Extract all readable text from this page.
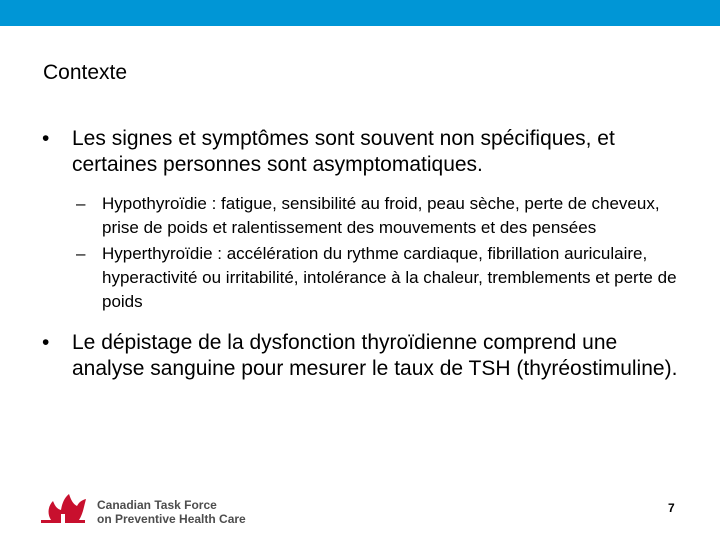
Contexte

• Les signes et symptômes sont souvent non spécifiques, et certaines personnes sont asymptomatiques.

– Hypothyroïdie : fatigue, sensibilité au froid, peau sèche, perte de cheveux, prise de poids et ralentissement des mouvements et des pensées

– Hyperthyroïdie : accélération du rythme cardiaque, fibrillation auriculaire, hyperactivité ou irritabilité, intolérance à la chaleur, tremblements et perte de poids

• Le dépistage de la dysfonction thyroïdienne comprend une analyse sanguine pour mesurer le taux de TSH (thyréostimuline).

Canadian Task Force
on Preventive Health Care
7
